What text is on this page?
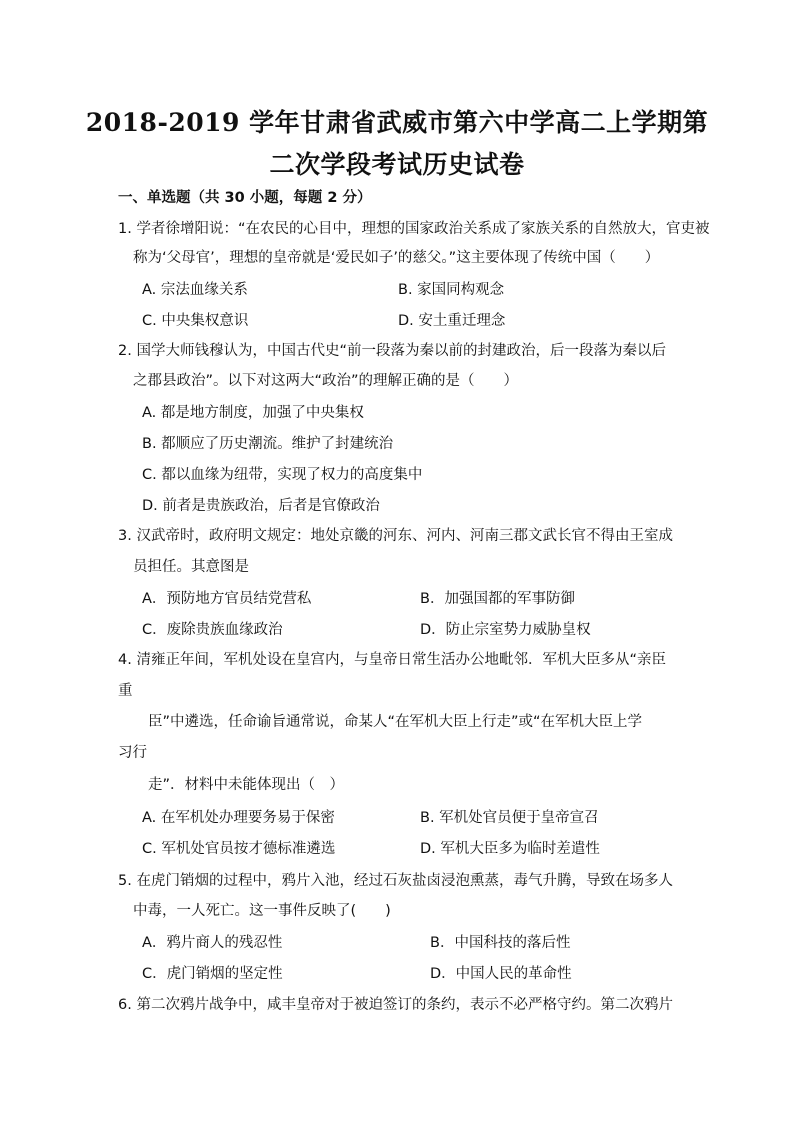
2018-2019 学年甘肃省武威市第六中学高二上学期第
二次学段考试历史试卷
一、单选题（共 30 小题，每题 2 分）
1. 学者徐增阳说：“在农民的心目中，理想的国家政治关系成了家族关系的自然放大，官吏被
称为‘父母官’，理想的皇帝就是‘爱民如子’的慈父。”这主要体现了传统中国（　　）
A. 宗法血缘关系	B. 家国同构观念
C. 中央集权意识	D. 安土重迁理念
2. 国学大师钱穆认为，中国古代史“前一段落为秦以前的封建政治，后一段落为秦以后
之郡县政治”。以下对这两大“政治”的理解正确的是（　　）
A. 都是地方制度，加强了中央集权
B. 都顺应了历史潮流。维护了封建统治
C. 都以血缘为纽带，实现了权力的高度集中
D. 前者是贵族政治，后者是官僚政治
3. 汉武帝时，政府明文规定：地处京畿的河东、河内、河南三郡文武长官不得由王室成
员担任。其意图是
A．预防地方官员结党营私	B．加强国都的军事防御
C．废除贵族血缘政治	D．防止宗室势力威胁皇权
4. 清雍正年间，军机处设在皇宫内，与皇帝日常生活办公地毗邻．军机大臣多从“亲臣
重
臣”中遴选，任命谕旨通常说，命某人“在军机大臣上行走”或“在军机大臣上学
习行
走”．材料中未能体现出（　）
A. 在军机处办理要务易于保密	B. 军机处官员便于皇帝宣召
C. 军机处官员按才德标准遴选	D. 军机大臣多为临时差遣性
5. 在虎门销烟的过程中，鸦片入池，经过石灰盐卤浸泡熏蒸，毒气升腾，导致在场多人
中毒，一人死亡。这一事件反映了(　　)
A．鸦片商人的残忍性	B．中国科技的落后性
C．虎门销烟的坚定性	D．中国人民的革命性
6. 第二次鸦片战争中，咸丰皇帝对于被迫签订的条约，表示不必严格守约。第二次鸦片
